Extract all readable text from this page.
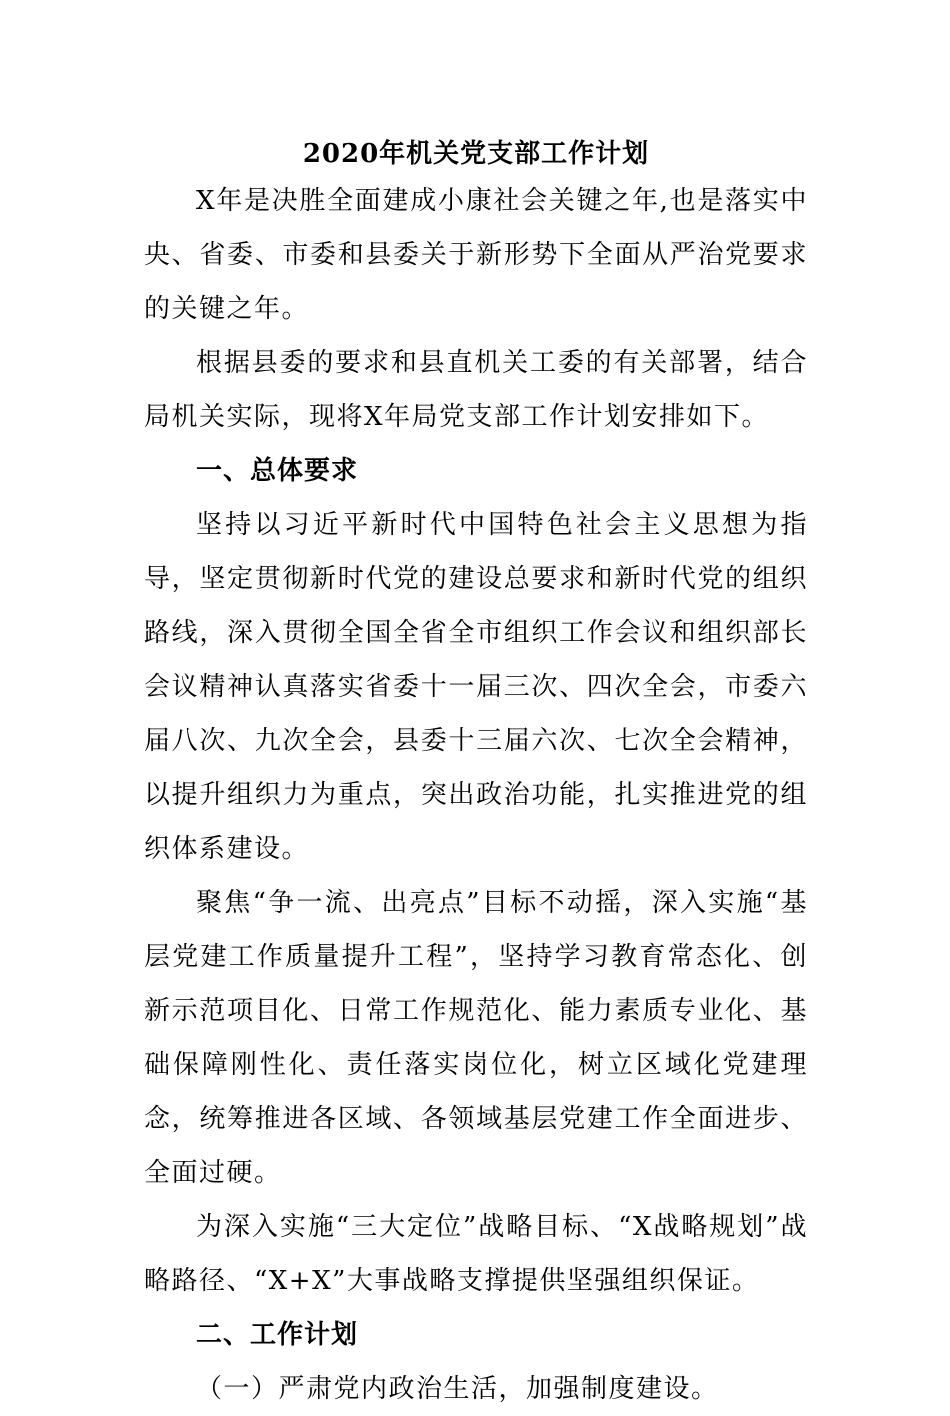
2020年机关党支部工作计划

X年是决胜全面建成小康社会关键之年,也是落实中央、省委、市委和县委关于新形势下全面从严治党要求的关键之年。

根据县委的要求和县直机关工委的有关部署，结合局机关实际，现将X年局党支部工作计划安排如下。

一、总体要求

坚持以习近平新时代中国特色社会主义思想为指导，坚定贯彻新时代党的建设总要求和新时代党的组织路线，深入贯彻全国全省全市组织工作会议和组织部长会议精神认真落实省委十一届三次、四次全会，市委六届八次、九次全会，县委十三届六次、七次全会精神，以提升组织力为重点，突出政治功能，扎实推进党的组织体系建设。

聚焦“争一流、出亮点”目标不动摇，深入实施“基层党建工作质量提升工程”，坚持学习教育常态化、创新示范项目化、日常工作规范化、能力素质专业化、基础保障刚性化、责任落实岗位化，树立区域化党建理念，统筹推进各区域、各领域基层党建工作全面进步、全面过硬。

为深入实施“三大定位”战略目标、“X战略规划”战略路径、“X+X”大事战略支撑提供坚强组织保证。

二、工作计划
（一）严肃党内政治生活，加强制度建设。
